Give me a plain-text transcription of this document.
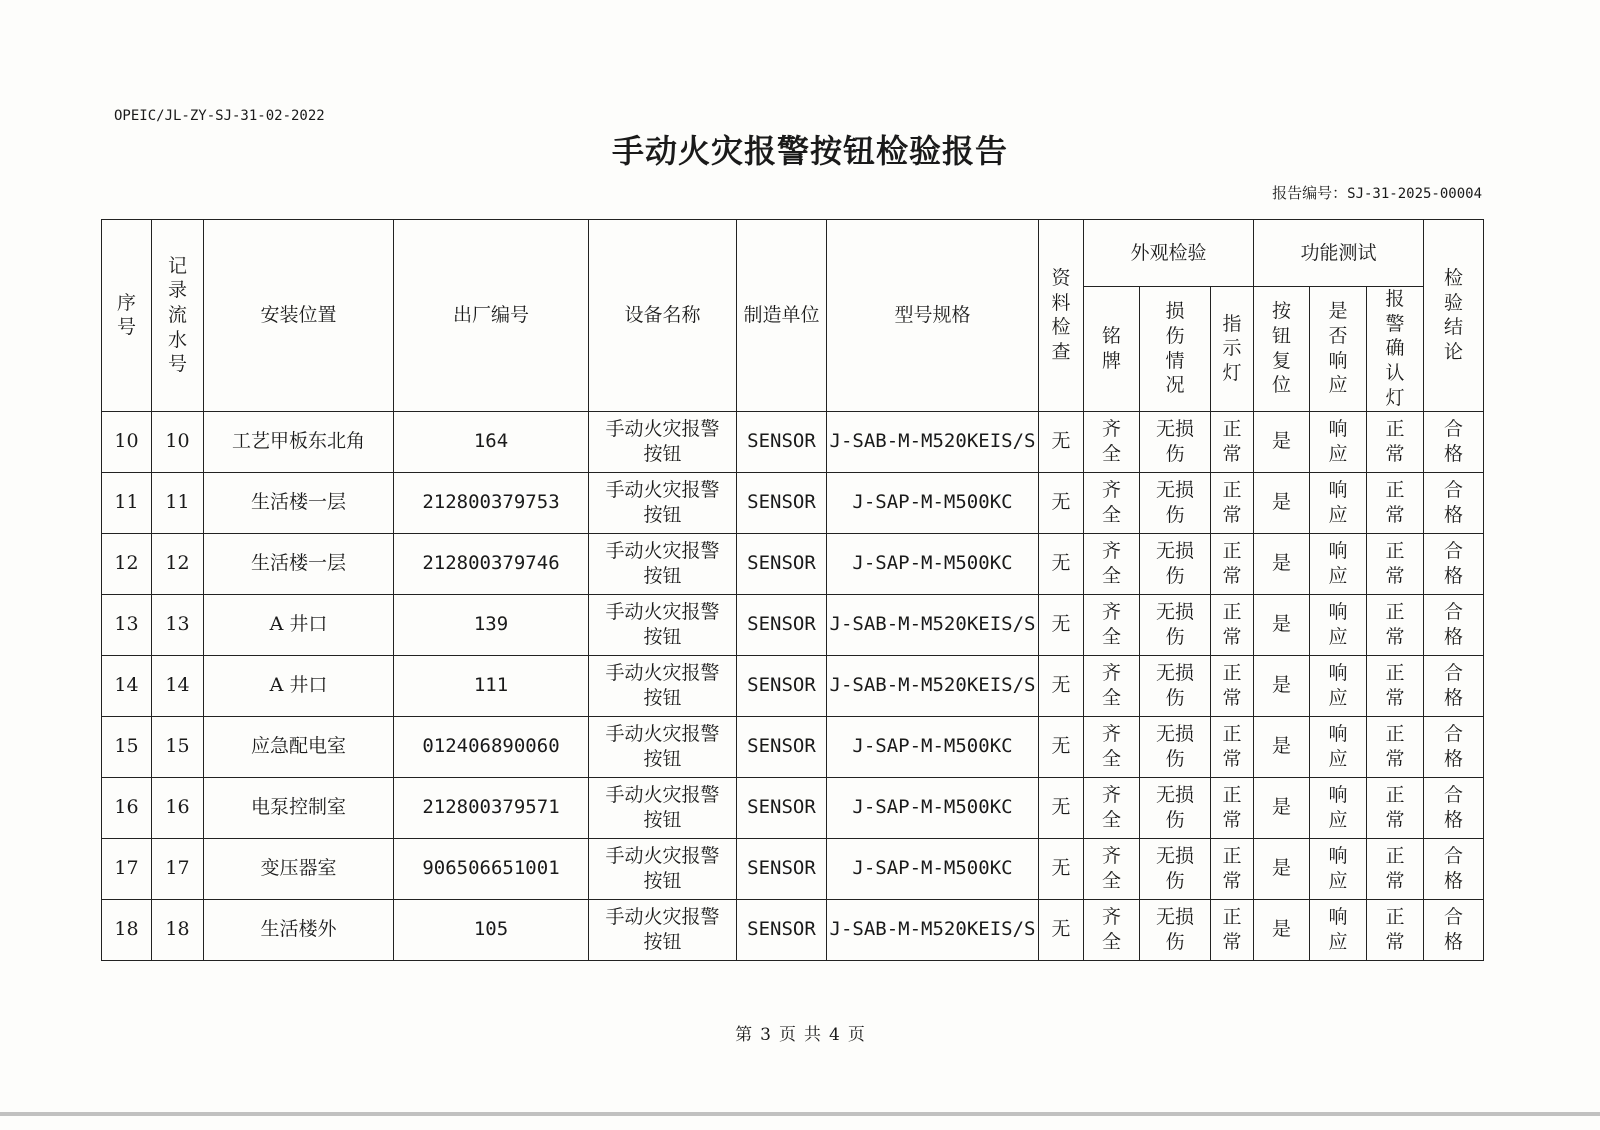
OPEIC/JL-ZY-SJ-31-02-2022
手动火灾报警按钮检验报告
报告编号：SJ-31-2025-00004
序号	记录流水号	安装位置	出厂编号	设备名称	制造单位	型号规格	资料检查	外观检验			功能测试			检验结论
								铭牌	损伤情况	指示灯	按钮复位	是否响应	报警确认灯	
10	10	工艺甲板东北角	164	手动火灾报警按钮	SENSOR	J-SAB-M-M520KEIS/S	无	齐全	无损伤	正常	是	响应	正常	合格
11	11	生活楼一层	212800379753	手动火灾报警按钮	SENSOR	J-SAP-M-M500KC	无	齐全	无损伤	正常	是	响应	正常	合格
12	12	生活楼一层	212800379746	手动火灾报警按钮	SENSOR	J-SAP-M-M500KC	无	齐全	无损伤	正常	是	响应	正常	合格
13	13	A 井口	139	手动火灾报警按钮	SENSOR	J-SAB-M-M520KEIS/S	无	齐全	无损伤	正常	是	响应	正常	合格
14	14	A 井口	111	手动火灾报警按钮	SENSOR	J-SAB-M-M520KEIS/S	无	齐全	无损伤	正常	是	响应	正常	合格
15	15	应急配电室	012406890060	手动火灾报警按钮	SENSOR	J-SAP-M-M500KC	无	齐全	无损伤	正常	是	响应	正常	合格
16	16	电泵控制室	212800379571	手动火灾报警按钮	SENSOR	J-SAP-M-M500KC	无	齐全	无损伤	正常	是	响应	正常	合格
17	17	变压器室	906506651001	手动火灾报警按钮	SENSOR	J-SAP-M-M500KC	无	齐全	无损伤	正常	是	响应	正常	合格
18	18	生活楼外	105	手动火灾报警按钮	SENSOR	J-SAB-M-M520KEIS/S	无	齐全	无损伤	正常	是	响应	正常	合格
第 3 页 共 4 页
